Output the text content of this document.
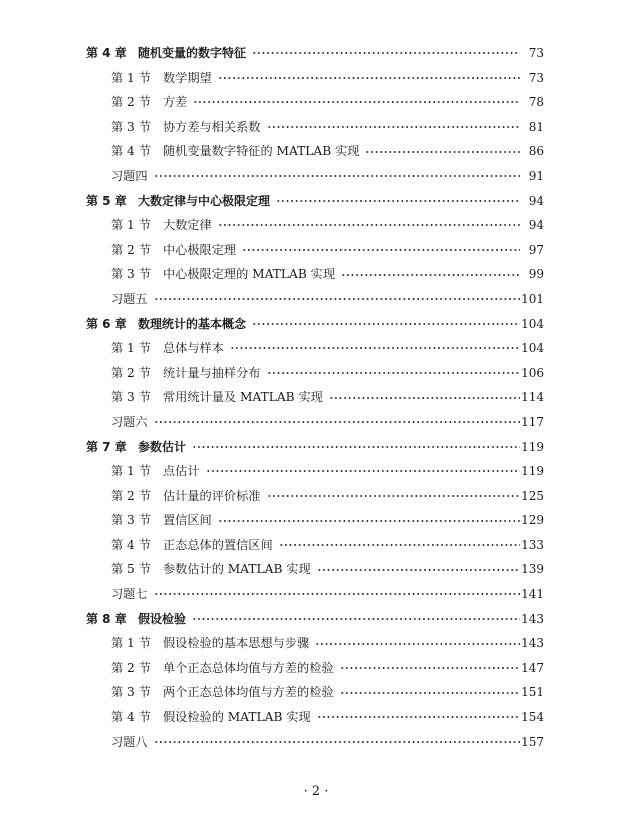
第 4 章 随机变量的数字特征	73
第 1 节 数学期望	73
第 2 节 方差	78
第 3 节 协方差与相关系数	81
第 4 节 随机变量数字特征的 MATLAB 实现	86
习题四	91
第 5 章 大数定律与中心极限定理	94
第 1 节 大数定律	94
第 2 节 中心极限定理	97
第 3 节 中心极限定理的 MATLAB 实现	99
习题五	101
第 6 章 数理统计的基本概念	104
第 1 节 总体与样本	104
第 2 节 统计量与抽样分布	106
第 3 节 常用统计量及 MATLAB 实现	114
习题六	117
第 7 章 参数估计	119
第 1 节 点估计	119
第 2 节 估计量的评价标准	125
第 3 节 置信区间	129
第 4 节 正态总体的置信区间	133
第 5 节 参数估计的 MATLAB 实现	139
习题七	141
第 8 章 假设检验	143
第 1 节 假设检验的基本思想与步骤	143
第 2 节 单个正态总体均值与方差的检验	147
第 3 节 两个正态总体均值与方差的检验	151
第 4 节 假设检验的 MATLAB 实现	154
习题八	157
· 2 ·
